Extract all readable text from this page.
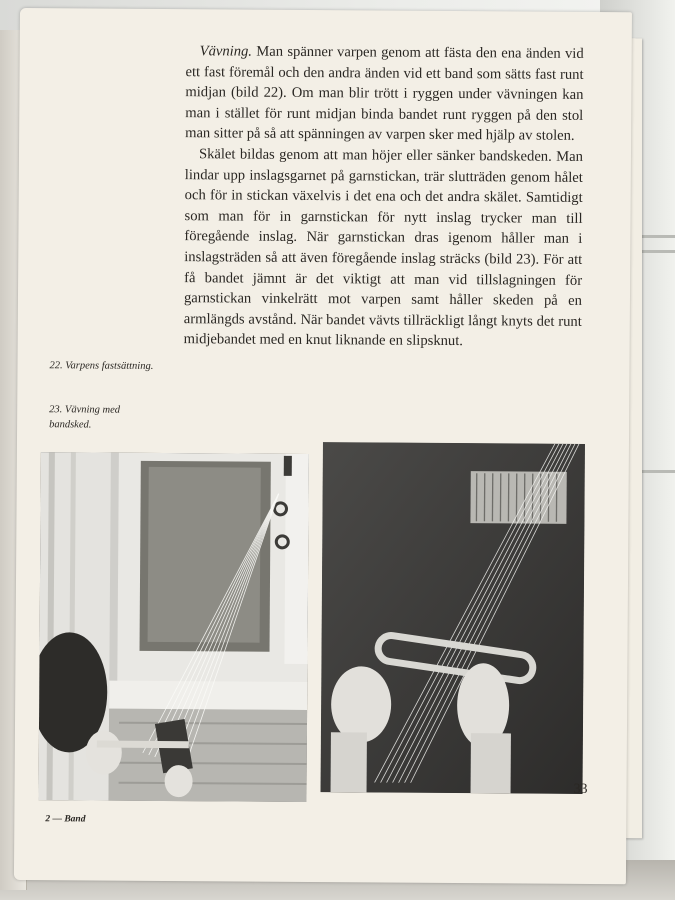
Vävning. Man spänner varpen genom att fästa den ena änden vid ett fast föremål och den andra änden vid ett band som sätts fast runt midjan (bild 22). Om man blir trött i ryggen under vävningen kan man i stället för runt midjan binda bandet runt ryggen på den stol man sitter på så att spänningen av varpen sker med hjälp av stolen.

Skälet bildas genom att man höjer eller sänker bandskeden. Man lindar upp inslagsgarnet på garnstickan, trär slutträden genom hålet och för in stickan växelvis i det ena och det andra skälet. Samtidigt som man för in garnstickan för nytt inslag trycker man till föregående inslag. När garnstickan dras igenom håller man i inslagsträden så att även föregående inslag sträcks (bild 23). För att få bandet jämnt är det viktigt att man vid tillslagningen för garnstickan vinkelrätt mot varpen samt håller skeden på en armlängds avstånd. När bandet vävts tillräckligt långt knyts det runt midjebandet med en knut liknande en slipsknut.

22. Varpens fastsättning.
23. Vävning med bandsked.
33
2 — Band
